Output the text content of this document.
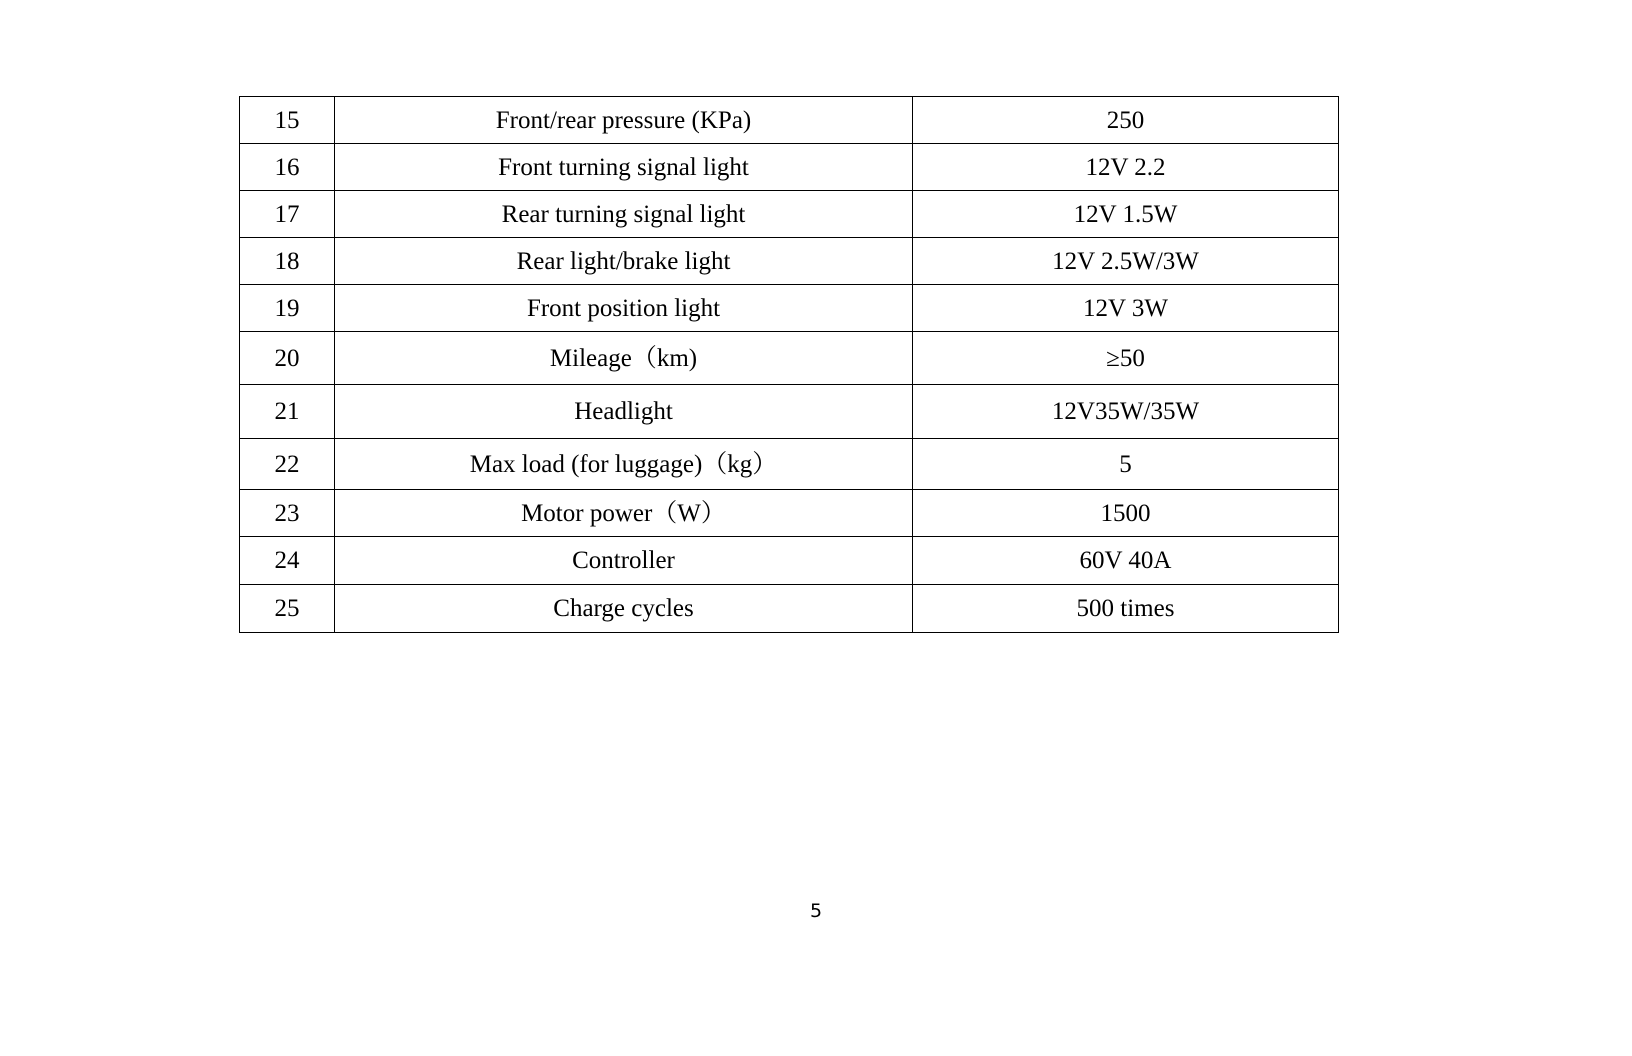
15	Front/rear pressure (KPa)	250
16	Front turning signal light	12V 2.2
17	Rear turning signal light	12V 1.5W
18	Rear light/brake light	12V 2.5W/3W
19	Front position light	12V 3W
20	Mileage（km)	≥50
21	Headlight	12V35W/35W
22	Max load (for luggage)（kg）	5
23	Motor power（W）	1500
24	Controller	60V 40A
25	Charge cycles	500 times
5
